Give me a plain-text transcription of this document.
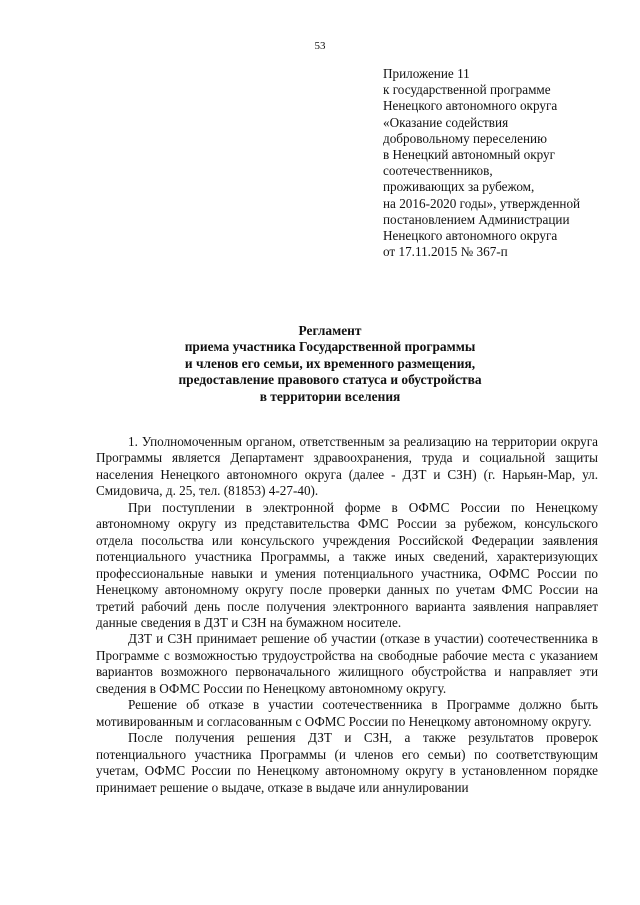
53
Приложение 11
к государственной программе
Ненецкого автономного округа
«Оказание содействия
добровольному переселению
в Ненецкий автономный округ
соотечественников,
проживающих за рубежом,
на 2016-2020 годы», утвержденной
постановлением Администрации
Ненецкого автономного округа
от 17.11.2015 № 367-п
Регламент
приема участника Государственной программы
и членов его семьи, их временного размещения,
предоставление правового статуса и обустройства
в территории вселения

1. Уполномоченным органом, ответственным за реализацию на территории округа Программы является Департамент здравоохранения, труда и социальной защиты населения Ненецкого автономного округа (далее - ДЗТ и СЗН) (г. Нарьян-Мар, ул. Смидовича, д. 25, тел. (81853) 4-27-40).

При поступлении в электронной форме в ОФМС России по Ненецкому автономному округу из представительства ФМС России за рубежом, консульского отдела посольства или консульского учреждения Российской Федерации заявления потенциального участника Программы, а также иных сведений, характеризующих профессиональные навыки и умения потенциального участника, ОФМС России по Ненецкому автономному округу после проверки данных по учетам ФМС России на третий рабочий день после получения электронного варианта заявления направляет данные сведения в ДЗТ и СЗН на бумажном носителе.

ДЗТ и СЗН принимает решение об участии (отказе в участии) соотечественника в Программе с возможностью трудоустройства на свободные рабочие места с указанием вариантов возможного первоначального жилищного обустройства и направляет эти сведения в ОФМС России по Ненецкому автономному округу.

Решение об отказе в участии соотечественника в Программе должно быть мотивированным и согласованным с ОФМС России по Ненецкому автономному округу.

После получения решения ДЗТ и СЗН, а также результатов проверок потенциального участника Программы (и членов его семьи) по соответствующим учетам, ОФМС России по Ненецкому автономному округу в установленном порядке принимает решение о выдаче, отказе в выдаче или аннулировании
